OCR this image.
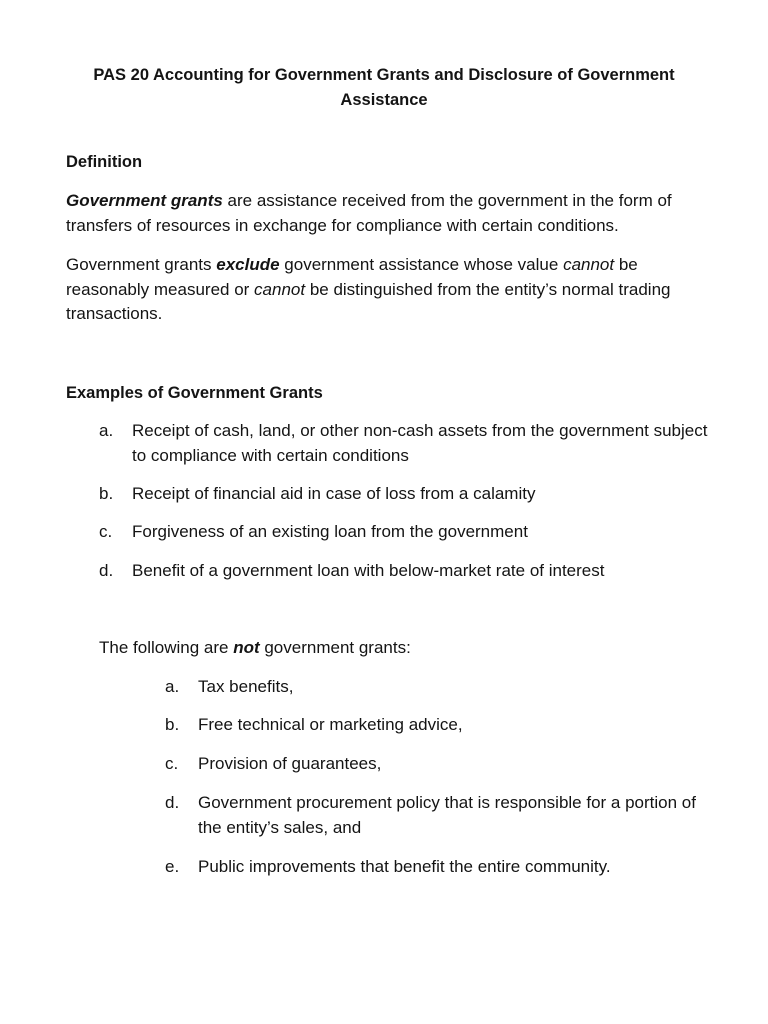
PAS 20 Accounting for Government Grants and Disclosure of Government Assistance
Definition
Government grants are assistance received from the government in the form of transfers of resources in exchange for compliance with certain conditions.
Government grants exclude government assistance whose value cannot be reasonably measured or cannot be distinguished from the entity’s normal trading transactions.
Examples of Government Grants
a. Receipt of cash, land, or other non-cash assets from the government subject to compliance with certain conditions
b. Receipt of financial aid in case of loss from a calamity
c. Forgiveness of an existing loan from the government
d. Benefit of a government loan with below-market rate of interest
The following are not government grants:
a. Tax benefits,
b. Free technical or marketing advice,
c. Provision of guarantees,
d. Government procurement policy that is responsible for a portion of the entity’s sales, and
e. Public improvements that benefit the entire community.
